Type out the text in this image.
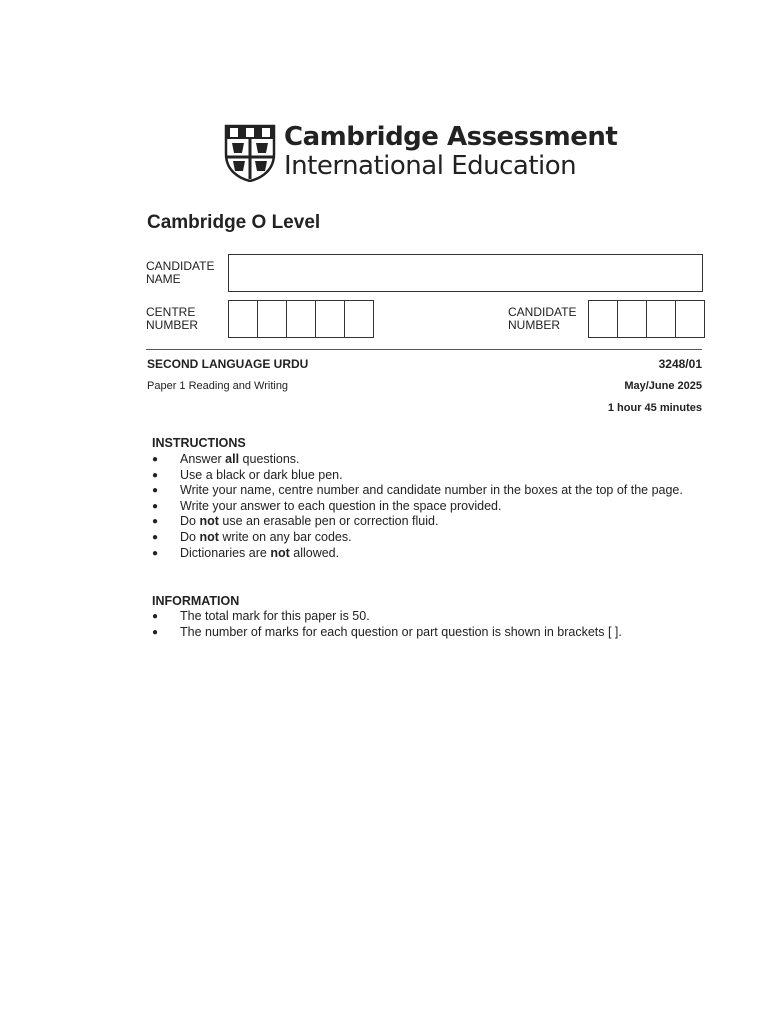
Cambridge Assessment
International Education
Cambridge O Level
CANDIDATE
NAME
CENTRE
NUMBER
CANDIDATE
NUMBER
SECOND LANGUAGE URDU	3248/01
Paper 1 Reading and Writing	May/June 2025
1 hour 45 minutes
INSTRUCTIONS
● Answer all questions.
● Use a black or dark blue pen.
● Write your name, centre number and candidate number in the boxes at the top of the page.
● Write your answer to each question in the space provided.
● Do not use an erasable pen or correction fluid.
● Do not write on any bar codes.
● Dictionaries are not allowed.
INFORMATION
● The total mark for this paper is 50.
● The number of marks for each question or part question is shown in brackets [ ].
